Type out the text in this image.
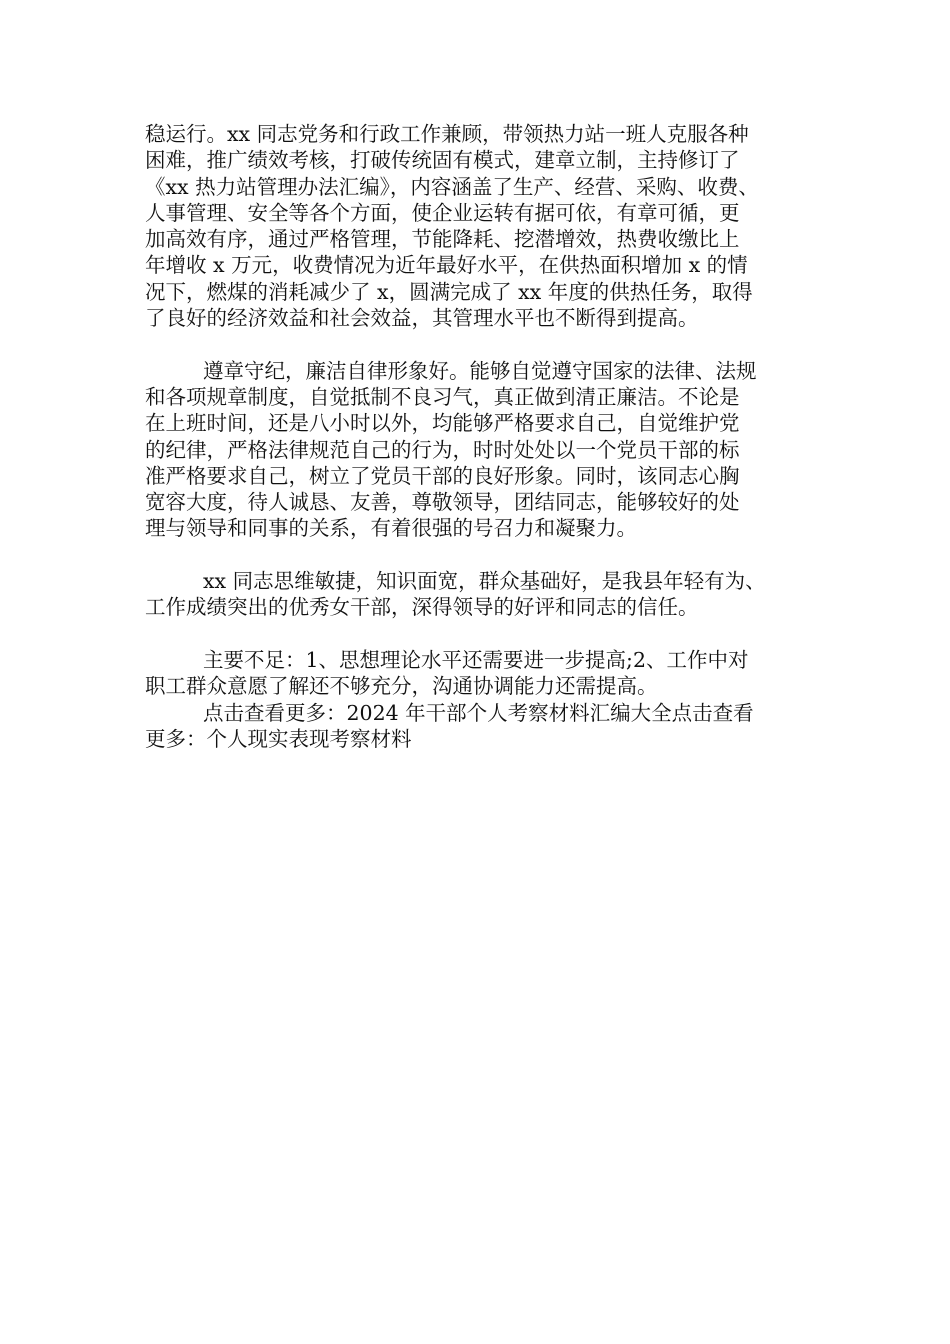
稳运行。xx 同志党务和行政工作兼顾，带领热力站一班人克服各种
困难，推广绩效考核，打破传统固有模式，建章立制，主持修订了
《xx 热力站管理办法汇编》，内容涵盖了生产、经营、采购、收费、
人事管理、安全等各个方面，使企业运转有据可依，有章可循，更
加高效有序，通过严格管理，节能降耗、挖潜增效，热费收缴比上
年增收 x 万元，收费情况为近年最好水平，在供热面积增加 x 的情
况下，燃煤的消耗减少了 x，圆满完成了 xx 年度的供热任务，取得
了良好的经济效益和社会效益，其管理水平也不断得到提高。
遵章守纪，廉洁自律形象好。能够自觉遵守国家的法律、法规
和各项规章制度，自觉抵制不良习气，真正做到清正廉洁。不论是
在上班时间，还是八小时以外，均能够严格要求自己，自觉维护党
的纪律，严格法律规范自己的行为，时时处处以一个党员干部的标
准严格要求自己，树立了党员干部的良好形象。同时，该同志心胸
宽容大度，待人诚恳、友善，尊敬领导，团结同志，能够较好的处
理与领导和同事的关系，有着很强的号召力和凝聚力。
xx 同志思维敏捷，知识面宽，群众基础好，是我县年轻有为、
工作成绩突出的优秀女干部，深得领导的好评和同志的信任。
主要不足：1、思想理论水平还需要进一步提高;2、工作中对
职工群众意愿了解还不够充分，沟通协调能力还需提高。
点击查看更多：2024 年干部个人考察材料汇编大全点击查看
更多：个人现实表现考察材料
